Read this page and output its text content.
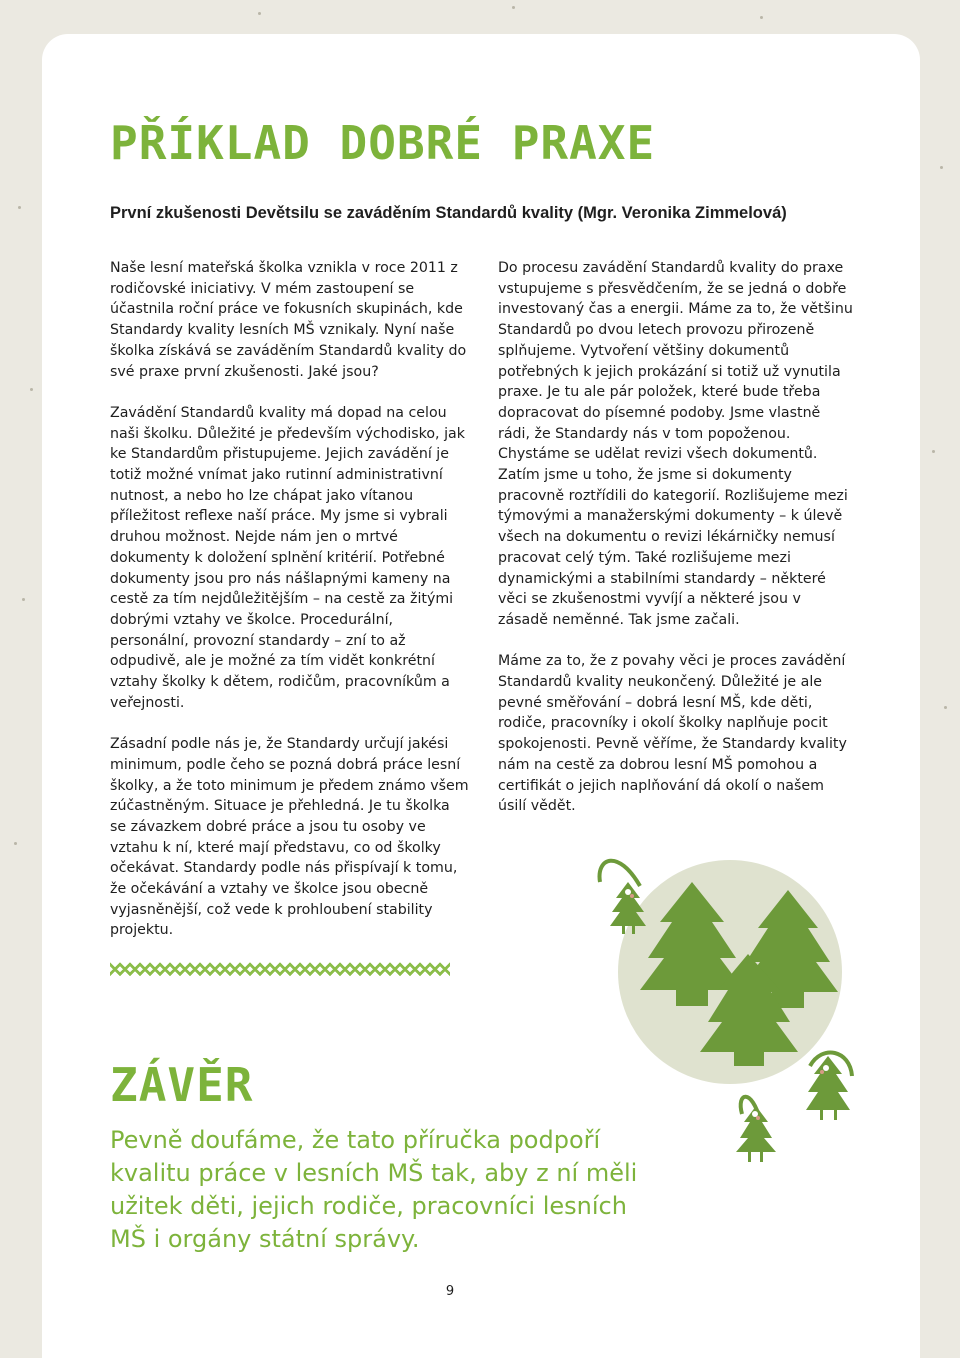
PŘÍKLAD DOBRÉ PRAXE

První zkušenosti Devětsilu se zaváděním Standardů kvality (Mgr. Veronika Zimmelová)

Naše lesní mateřská školka vznikla v roce 2011 z rodičovské iniciativy. V mém zastoupení se účastnila roční práce ve fokusních skupinách, kde Standardy kvality lesních MŠ vznikaly. Nyní naše školka získává se zaváděním Standardů kvality do své praxe první zkušenosti. Jaké jsou?

Zavádění Standardů kvality má dopad na celou naši školku. Důležité je především východisko, jak ke Standardům přistupujeme. Jejich zavádění je totiž možné vnímat jako rutinní administrativní nutnost, a nebo ho lze chápat jako vítanou příležitost reflexe naší práce. My jsme si vybrali druhou možnost. Nejde nám jen o mrtvé dokumenty k doložení splnění kritérií. Potřebné dokumenty jsou pro nás nášlapnými kameny na cestě za tím nejdůležitějším – na cestě za žitými dobrými vztahy ve školce. Procedurální, personální, provozní standardy – zní to až odpudivě, ale je možné za tím vidět konkrétní vztahy školky k dětem, rodičům, pracovníkům a veřejnosti.

Zásadní podle nás je, že Standardy určují jakési minimum, podle čeho se pozná dobrá práce lesní školky, a že toto minimum je předem známo všem zúčastněným. Situace je přehledná. Je tu školka se závazkem dobré práce a jsou tu osoby ve vztahu k ní, které mají představu, co od školky očekávat. Standardy podle nás přispívají k tomu, že očekávání a vztahy ve školce jsou obecně vyjasněnější, což vede k prohloubení stability projektu.

Do procesu zavádění Standardů kvality do praxe vstupujeme s přesvědčením, že se jedná o dobře investovaný čas a energii. Máme za to, že většinu Standardů po dvou letech provozu přirozeně splňujeme. Vytvoření většiny dokumentů potřebných k jejich prokázání si totiž už vynutila praxe. Je tu ale pár položek, které bude třeba dopracovat do písemné podoby. Jsme vlastně rádi, že Standardy nás v tom popoženou. Chystáme se udělat revizi všech dokumentů. Zatím jsme u toho, že jsme si dokumenty pracovně roztřídili do kategorií. Rozlišujeme mezi týmovými a manažerskými dokumenty – k úlevě všech na dokumentu o revizi lékárničky nemusí pracovat celý tým. Také rozlišujeme mezi dynamickými a stabilními standardy – některé věci se zkušenostmi vyvíjí a některé jsou v zásadě neměnné. Tak jsme začali.

Máme za to, že z povahy věci je proces zavádění Standardů kvality neukončený. Důležité je ale pevné směřování – dobrá lesní MŠ, kde děti, rodiče, pracovníky i okolí školky naplňuje pocit spokojenosti. Pevně věříme, že Standardy kvality nám na cestě za dobrou lesní MŠ pomohou a certifikát o jejich naplňování dá okolí o našem úsilí vědět.

ZÁVĚR

Pevně doufáme, že tato příručka podpoří kvalitu práce v lesních MŠ tak, aby z ní měli užitek děti, jejich rodiče, pracovníci lesních MŠ i orgány státní správy.

9
